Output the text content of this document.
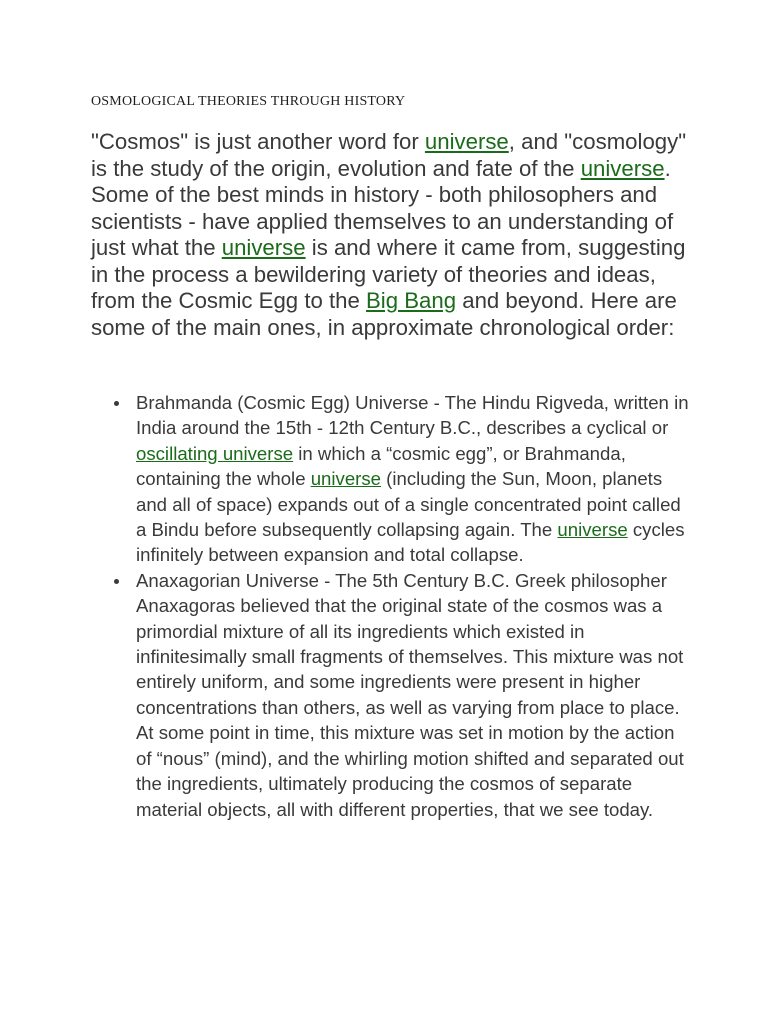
OSMOLOGICAL THEORIES THROUGH HISTORY

"Cosmos" is just another word for universe, and "cosmology" is the study of the origin, evolution and fate of the universe. Some of the best minds in history - both philosophers and scientists - have applied themselves to an understanding of just what the universe is and where it came from, suggesting in the process a bewildering variety of theories and ideas, from the Cosmic Egg to the Big Bang and beyond. Here are some of the main ones, in approximate chronological order:

Brahmanda (Cosmic Egg) Universe - The Hindu Rigveda, written in India around the 15th - 12th Century B.C., describes a cyclical or oscillating universe in which a “cosmic egg”, or Brahmanda, containing the whole universe (including the Sun, Moon, planets and all of space) expands out of a single concentrated point called a Bindu before subsequently collapsing again. The universe cycles infinitely between expansion and total collapse.
Anaxagorian Universe - The 5th Century B.C. Greek philosopher Anaxagoras believed that the original state of the cosmos was a primordial mixture of all its ingredients which existed in infinitesimally small fragments of themselves. This mixture was not entirely uniform, and some ingredients were present in higher concentrations than others, as well as varying from place to place. At some point in time, this mixture was set in motion by the action of “nous” (mind), and the whirling motion shifted and separated out the ingredients, ultimately producing the cosmos of separate material objects, all with different properties, that we see today.
